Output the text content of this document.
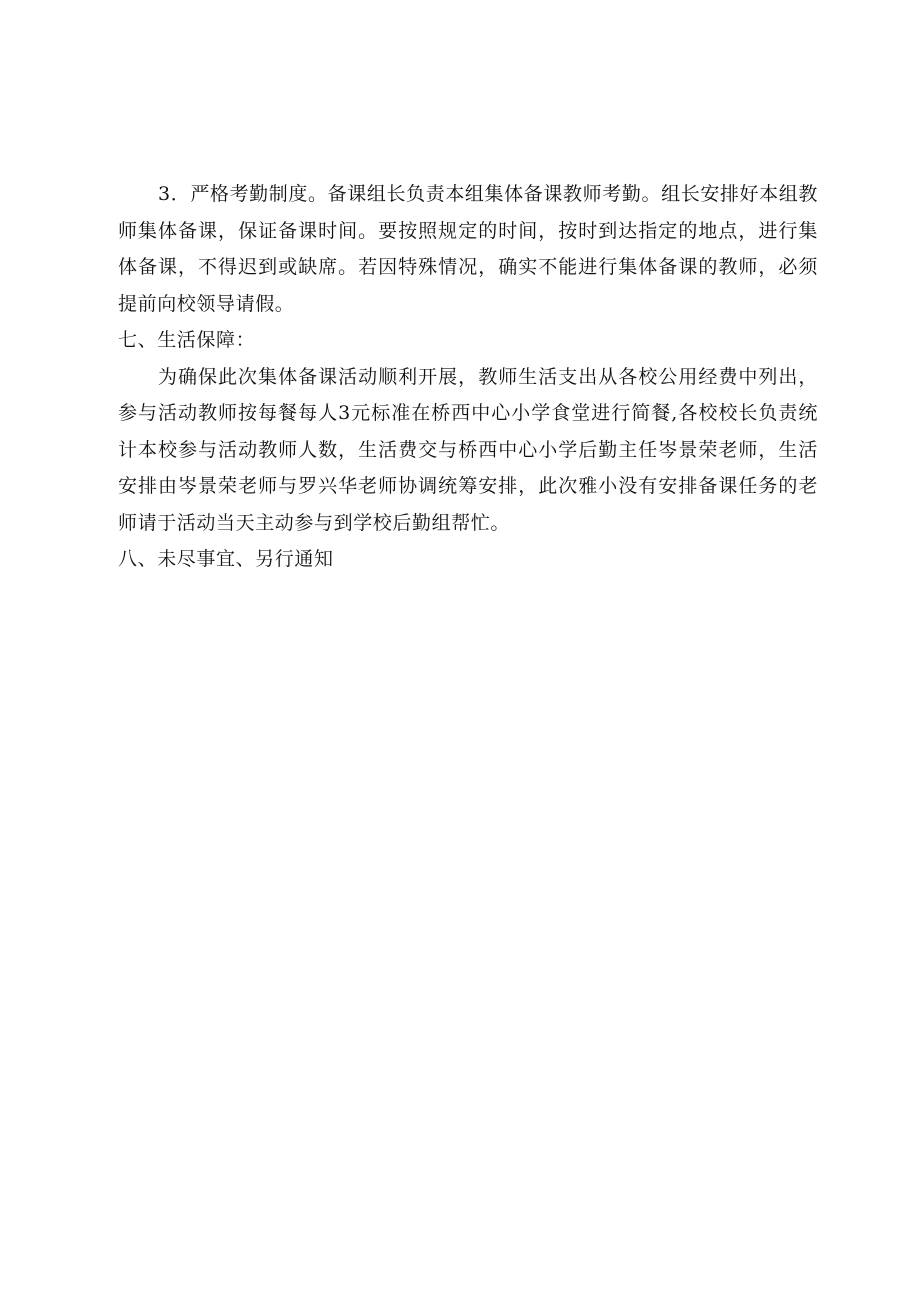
3．严格考勤制度。备课组长负责本组集体备课教师考勤。组长安排好本组教师集体备课，保证备课时间。要按照规定的时间，按时到达指定的地点，进行集体备课，不得迟到或缺席。若因特殊情况，确实不能进行集体备课的教师，必须提前向校领导请假。

七、生活保障：

为确保此次集体备课活动顺利开展，教师生活支出从各校公用经费中列出，参与活动教师按每餐每人3元标准在桥西中心小学食堂进行简餐,各校校长负责统计本校参与活动教师人数，生活费交与桥西中心小学后勤主任岑景荣老师，生活安排由岑景荣老师与罗兴华老师协调统筹安排，此次雅小没有安排备课任务的老师请于活动当天主动参与到学校后勤组帮忙。

八、未尽事宜、另行通知
